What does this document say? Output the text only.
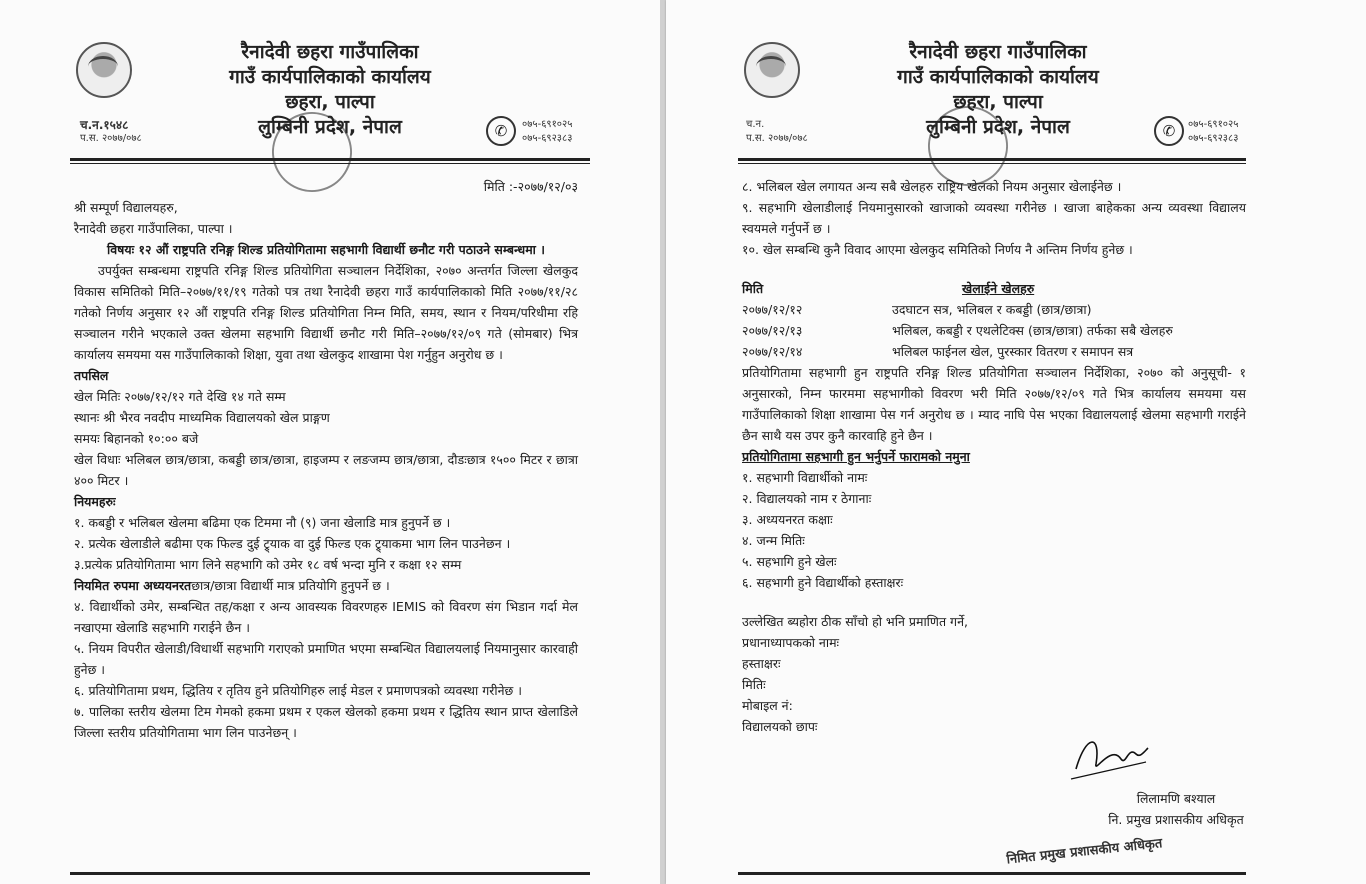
रैनादेवी छहरा गाउँपालिका
गाउँ कार्यपालिकाको कार्यालय
छहरा, पाल्पा
लुम्बिनी प्रदेश, नेपाल
च.न.१५४८
प.स. २०७७/०७८	✆	०७५-६९१०२५
०७५-६९२३८३

मिति :-२०७७/१२/०३

श्री सम्पूर्ण विद्यालयहरु,

रैनादेवी छहरा गाउँपालिका, पाल्पा ।

विषयः १२ औं राष्ट्रपति रनिङ्ग शिल्ड प्रतियोगितामा सहभागी विद्यार्थी छनौट गरी पठाउने सम्बन्धमा ।

उपर्युक्त सम्बन्धमा राष्ट्रपति रनिङ्ग शिल्ड प्रतियोगिता सञ्चालन निर्देशिका, २०७० अन्तर्गत जिल्ला खेलकुद विकास समितिको मिति–२०७७/११/१९ गतेको पत्र तथा रैनादेवी छहरा गाउँ कार्यपालिकाको मिति २०७७/११/२८ गतेको निर्णय अनुसार १२ औं राष्ट्रपति रनिङ्ग शिल्ड प्रतियोगिता निम्न मिति, समय, स्थान र नियम/परिधीमा रहि सञ्चालन गरीने भएकाले उक्त खेलमा सहभागि विद्यार्थी छनौट गरी मिति–२०७७/१२/०९ गते (सोमबार) भित्र कार्यालय समयमा यस गाउँपालिकाको शिक्षा, युवा तथा खेलकुद शाखामा पेश गर्नुहुन अनुरोध छ ।

तपसिल

खेल मितिः २०७७/१२/१२ गते देखि १४ गते सम्म

स्थानः श्री भैरव नवदीप माध्यमिक विद्यालयको खेल प्राङ्गण

समयः बिहानको १०:०० बजे

खेल विधाः भलिबल छात्र/छात्रा, कबड्डी छात्र/छात्रा, हाइजम्प र लङजम्प छात्र/छात्रा, दौडःछात्र १५०० मिटर र छात्रा ४०० मिटर ।

नियमहरुः

१. कबड्डी र भलिबल खेलमा बढिमा एक टिममा नौ (९) जना खेलाडि मात्र हुनुपर्ने छ ।

२. प्रत्येक खेलाडीले बढीमा एक फिल्ड दुई ट्र्याक वा दुई फिल्ड एक ट्र्याकमा भाग लिन पाउनेछन ।

३.प्रत्येक प्रतियोगितामा भाग लिने सहभागि को उमेर १८ वर्ष भन्दा मुनि र कक्षा १२ सम्म
नियमित रुपमा अध्ययनरतछात्र/छात्रा विद्यार्थी मात्र प्रतियोगि हुनुपर्ने छ ।

४. विद्यार्थीको उमेर, सम्बन्धित तह/कक्षा र अन्य आवस्यक विवरणहरु IEMIS को विवरण संग भिडान गर्दा मेल नखाएमा खेलाडि सहभागि गराईने छैन ।

५. नियम विपरीत खेलाडी/विधार्थी सहभागि गराएको प्रमाणित भएमा सम्बन्धित विद्यालयलाई नियमानुसार कारवाही हुनेछ ।

६. प्रतियोगितामा प्रथम, द्धितिय र तृतिय हुने प्रतियोगिहरु लाई मेडल र प्रमाणपत्रको व्यवस्था गरीनेछ ।

७. पालिका स्तरीय खेलमा टिम गेमको हकमा प्रथम र एकल खेलको हकमा प्रथम र द्धितिय स्थान प्राप्त खेलाडिले जिल्ला स्तरीय प्रतियोगितामा भाग लिन पाउनेछन् ।

रैनादेवी छहरा गाउँपालिका
गाउँ कार्यपालिकाको कार्यालय
छहरा, पाल्पा
लुम्बिनी प्रदेश, नेपाल
च.न.
प.स. २०७७/०७८	✆	०७५-६९१०२५
०७५-६९२३८३

८. भलिबल खेल लगायत अन्य सबै खेलहरु राष्ट्रिय खेलको नियम अनुसार खेलाईनेछ ।

९. सहभागि खेलाडीलाई नियमानुसारको खाजाको व्यवस्था गरीनेछ । खाजा बाहेकका अन्य व्यवस्था विद्यालय स्वयमले गर्नुपर्ने छ ।

१०. खेल सम्बन्धि कुनै विवाद आएमा खेलकुद समितिको निर्णय नै अन्तिम निर्णय हुनेछ ।

मिति	खेलाईने खेलहरु
२०७७/१२/१२	उदघाटन सत्र, भलिबल र कबड्डी (छात्र/छात्रा)
२०७७/१२/१३	भलिबल, कबड्डी र एथलेटिक्स (छात्र/छात्रा) तर्फका सबै खेलहरु
२०७७/१२/१४	भलिबल फाईनल खेल, पुरस्कार वितरण र समापन सत्र

प्रतियोगितामा सहभागी हुन राष्ट्रपति रनिङ्ग शिल्ड प्रतियोगिता सञ्चालन निर्देशिका, २०७० को अनुसूची- १ अनुसारको, निम्न फारममा सहभागीको विवरण भरी मिति २०७७/१२/०९ गते भित्र कार्यालय समयमा यस गाउँपालिकाको शिक्षा शाखामा पेस गर्न अनुरोध छ । म्याद नाघि पेस भएका विद्यालयलाई खेलमा सहभागी गराईने छैन साथै यस उपर कुनै कारवाहि हुने छैन ।

प्रतियोगितामा सहभागी हुन भर्नुपर्ने फारामको नमुना

१. सहभागी विद्यार्थीको नामः

२. विद्यालयको नाम र ठेगानाः

३. अध्ययनरत कक्षाः

४. जन्म मितिः

५. सहभागि हुने खेलः

६. सहभागी हुने विद्यार्थीको हस्ताक्षरः

उल्लेखित ब्यहोरा ठीक साँचो हो भनि प्रमाणित गर्ने,

प्रधानाध्यापकको नामः

हस्ताक्षरः

मितिः

मोबाइल नं:

विद्यालयको छापः

लिलामणि बश्याल

नि. प्रमुख प्रशासकीय अधिकृत

निमित प्रमुख प्रशासकीय अधिकृत
